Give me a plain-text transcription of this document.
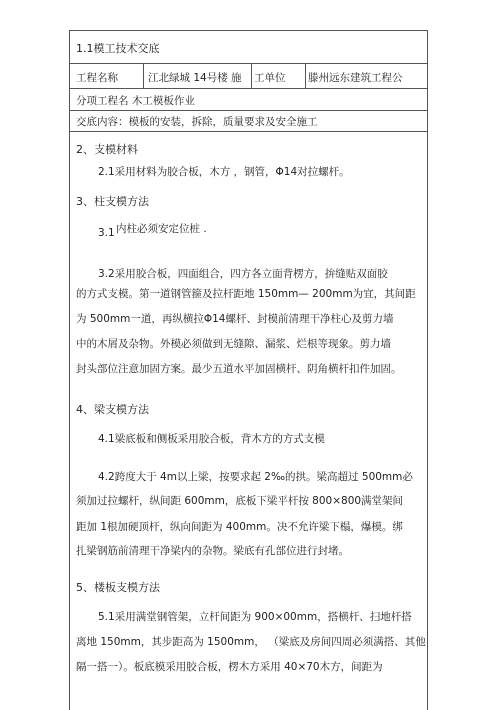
1.1模工技术交底
工程名称	江北绿城 14号楼 施 工单位 滕州远东建筑工程公
分项工程名 木工模板作业
交底内容：模板的安装，拆除，质量要求及安全施工
2、支模材料
2.1采用材料为胶合板，木方 ，钢管，Φ14对拉螺杆。
3、柱支模方法
3.1 内柱必须安定位桩 .
3.2采用胶合板，四面组合，四方各立面背楞方，拚缝贴双面胶
的方式支模。第一道钢管箍及拉杆距地 150mm— 200mm为宜，其间距
为 500mm一道，再纵横拉Φ14螺杆、封模前清理干净柱心及剪力墙
中的木屑及杂物。外模必须做到无缝隙、漏浆、烂根等现象。剪力墙
封头部位注意加固方案。最少五道水平加固横杆、阴角横杆扣件加固。
4、梁支模方法
4.1梁底板和侧板采用胶合板，背木方的方式支模
4.2跨度大于 4m以上梁，按要求起 2‰的拱。梁高超过 500mm必
须加过拉螺杆，纵间距 600mm，底板下梁平杆按 800×800满堂架间
距加 1根加硬顶杆，纵向间距为 400mm。决不允许梁下榻，爆模。绑
扎梁钢筋前清理干净梁内的杂物。梁底有孔部位进行封堵。
5、楼板支模方法
5.1采用满堂钢管架，立杆间距为 900×00mm，搭横杆、扫地杆搭
离地 150mm，其步距高为 1500mm， （梁底及房间四周必须满搭、其他
隔一搭一）。板底模采用胶合板，楞木方采用 40×70木方，间距为
